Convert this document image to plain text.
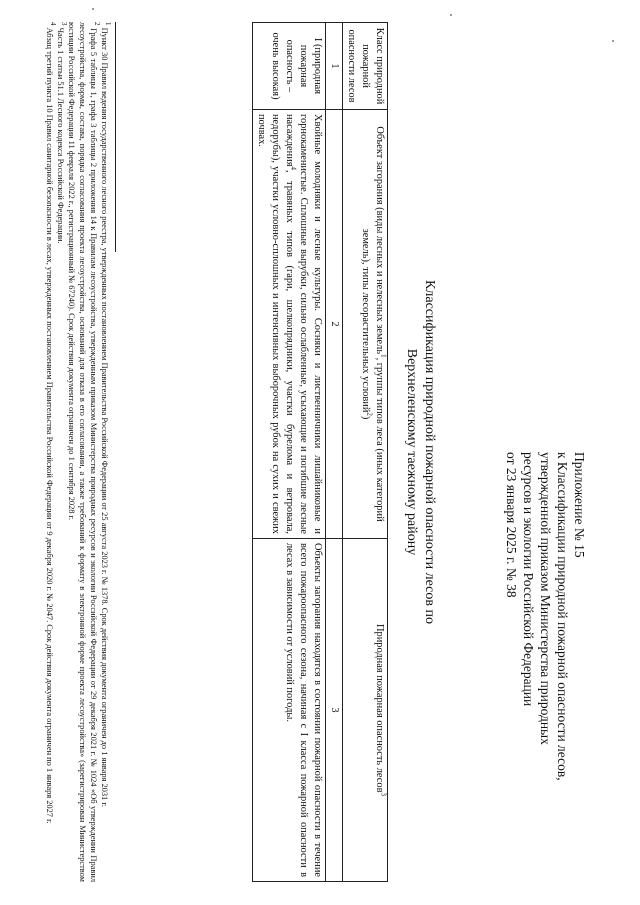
Приложение № 15
к Классификации природной пожарной опасности лесов,
утвержденной приказом Министерства природных
ресурсов и экологии Российской Федерации
от 23 января 2025 г. № 38
Классификация природной пожарной опасности лесов по
Верхнеленскому таежному району
Класс природной пожарной опасности лесов	Объект загорания (виды лесных и нелесных земель$^1$, группы типов леса (иных категорий земель), типы лесорастительных условий$^2$)	Природная пожарная опасность лесов$^3$
1	2	3
I (природная пожарная опасность – очень высокая)	Хвойные молодняки и лесные культуры. Сосняки и лиственничники лишайниковые и горнокаменистые. Сплошные вырубки, сильно ослабленные, усыхающие и погибшие лесные насаждения$^4$, травяных типов (гари, шелкопрядники, участки бурелома и ветровала, недорубы), участки условно-сплошных и интенсивных выборочных рубок на сухих и свежих почвах.	Объекты загорания находятся в состоянии пожарной опасности в течение всего пожароопасного сезона, начиная с I класса пожарной опасности в лесах в зависимости от условий погоды.

$^1$ Пункт 30 Правил ведения государственного лесного реестра, утвержденных постановлением Правительства Российской Федерации от 25 августа 2023 г. № 1378. Срок действия документа ограничен до 1 января 2031 г.

$^2$ Графа 5 таблицы 1, графа 3 таблицы 2 приложения 14 к Правилам лесоустройства, утвержденным приказом Министерства природных ресурсов и экологии Российской Федерации от 29 декабря 2021 г. № 1024 «Об утверждении Правил лесоустройства, формы, состава, порядка согласования проекта лесоустройства, оснований для отказа в его согласовании, а также требований к формату в электронной форме проекта лесоустройства» (зарегистрирован Министерством юстиции Российской Федерации 11 февраля 2022 г., регистрационный № 67240). Срок действия документа ограничен до 1 сентября 2028 г.

$^3$ Часть 1 статьи 51.1 Лесного кодекса Российской Федерации.

$^4$ Абзац третий пункта 10 Правил санитарной безопасности в лесах, утвержденных постановлением Правительства Российской Федерации от 9 декабря 2020 г. № 2047. Срок действия документа ограничен по 1 января 2027 г.
